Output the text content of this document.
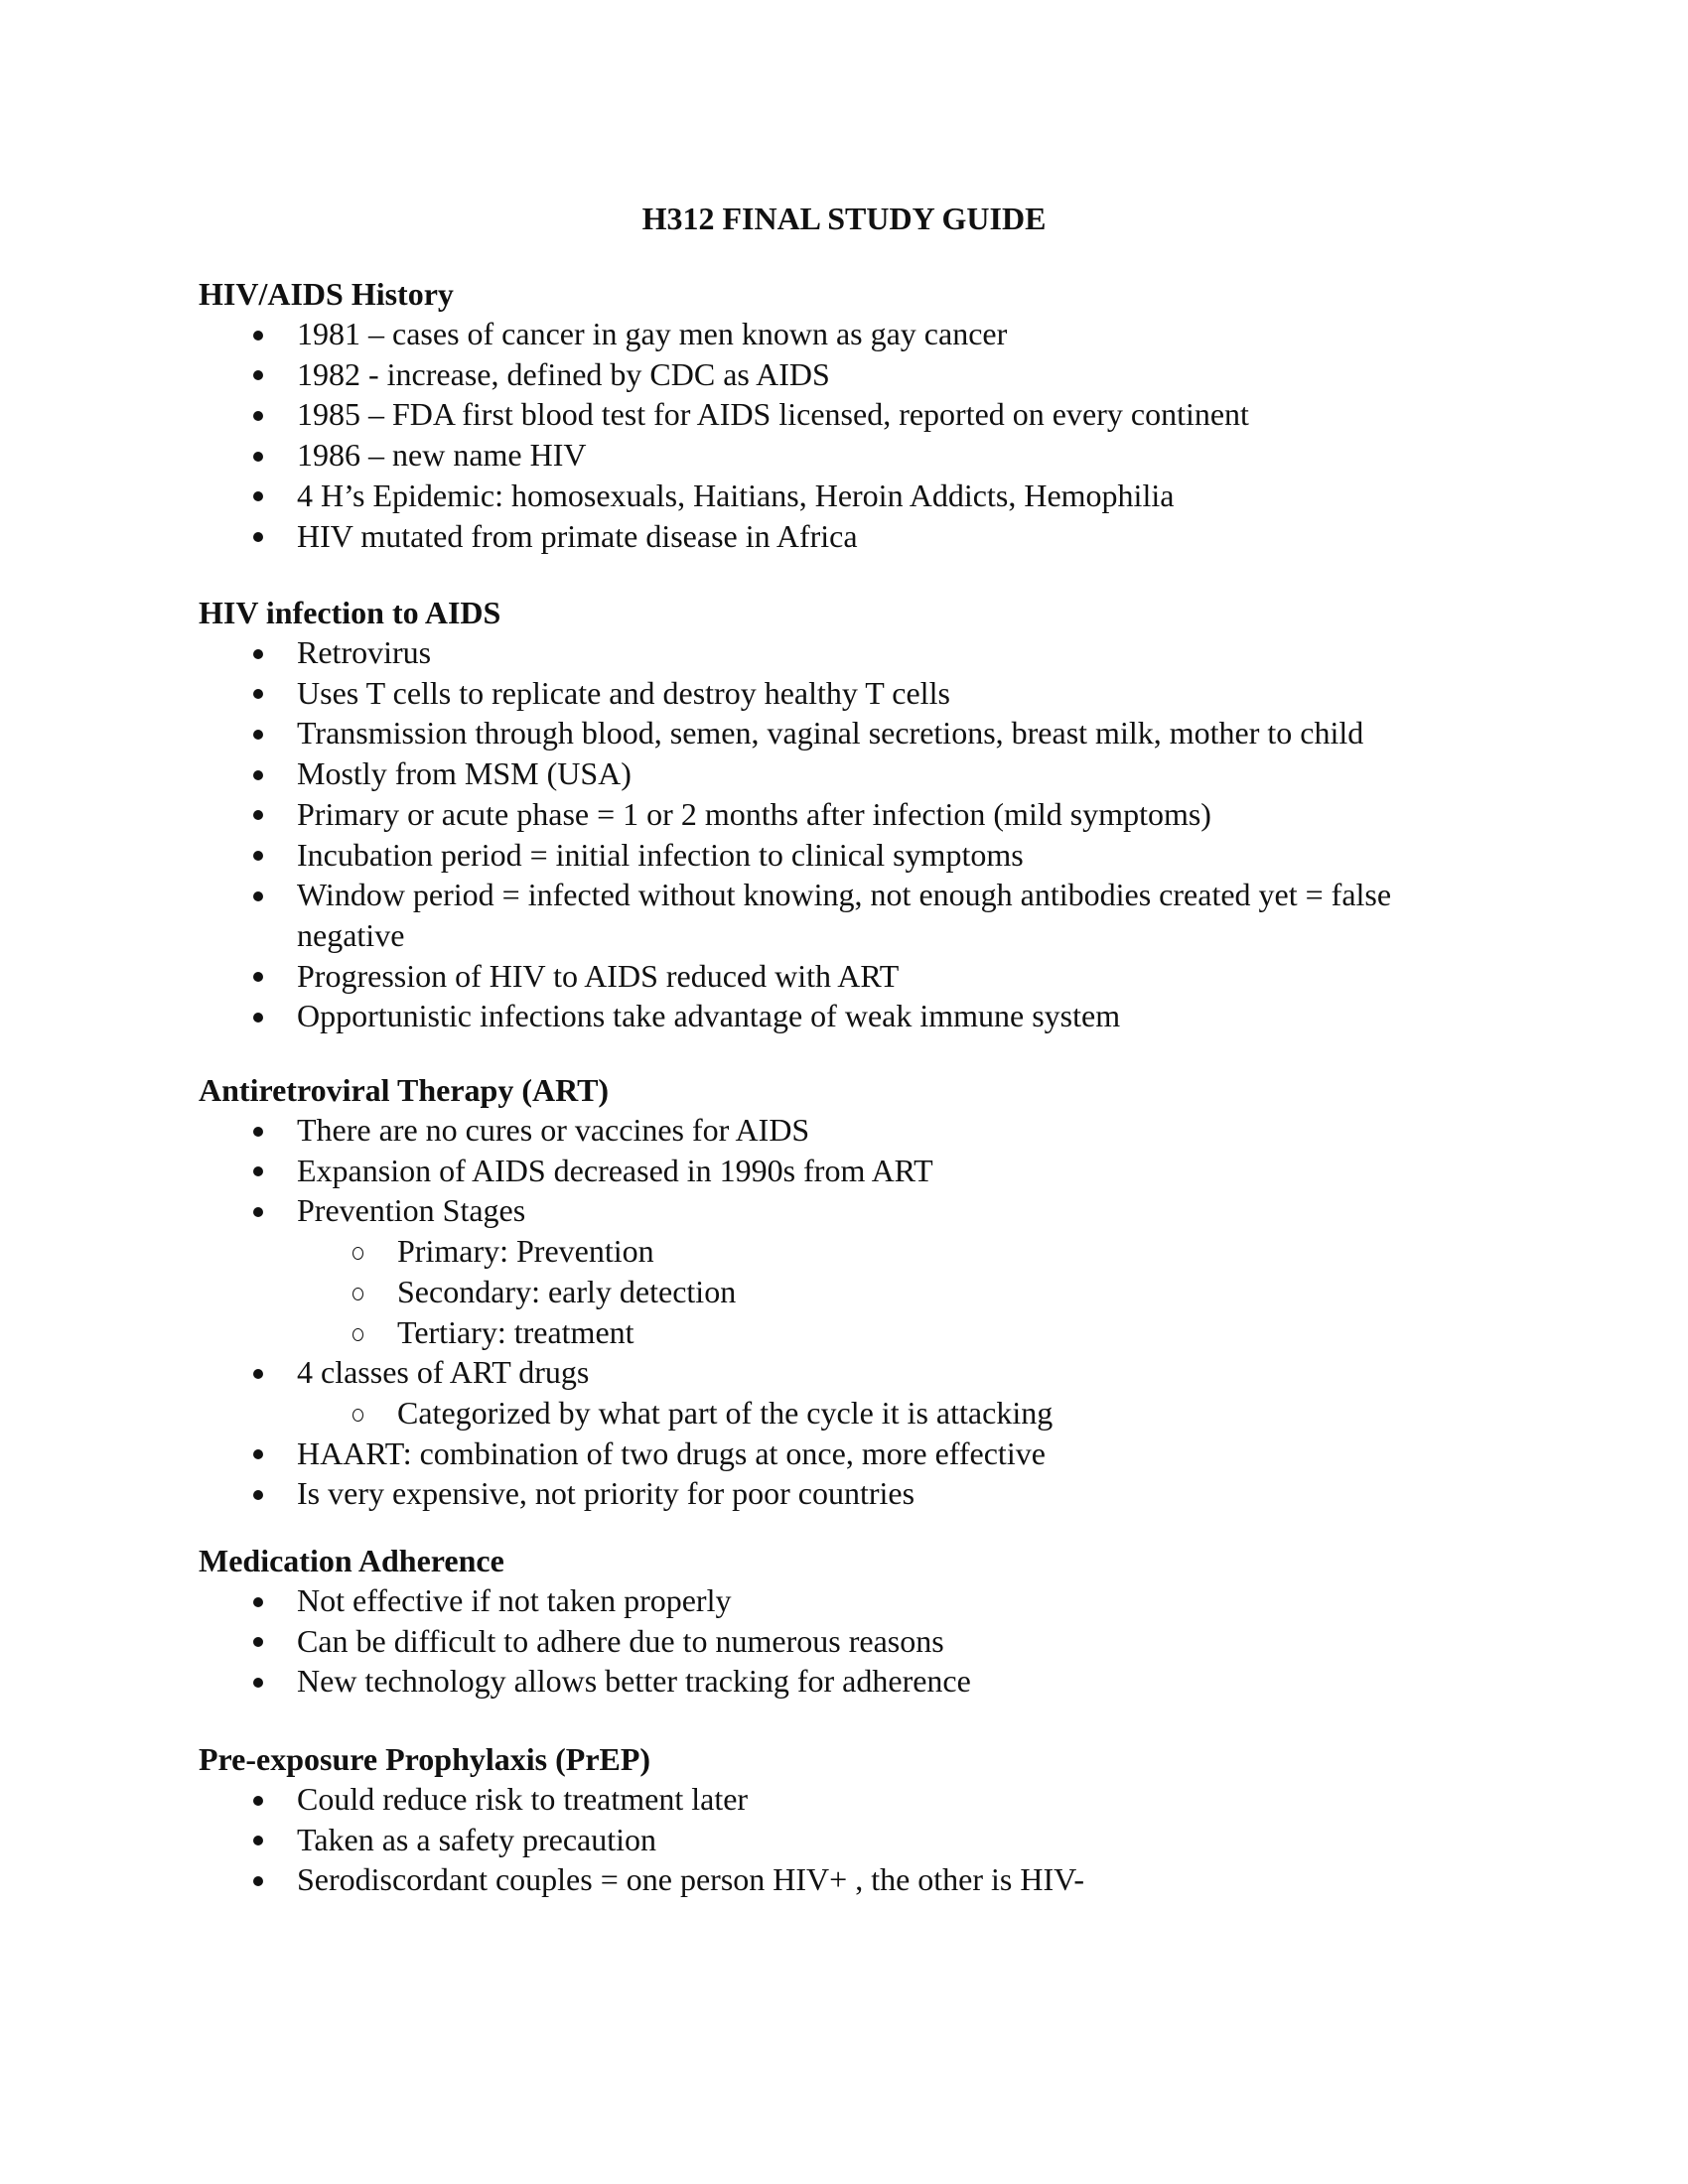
H312 FINAL STUDY GUIDE
HIV/AIDS History
1981 – cases of cancer in gay men known as gay cancer
1982 - increase, defined by CDC as AIDS
1985 – FDA first blood test for AIDS licensed, reported on every continent
1986 – new name HIV
4 H’s Epidemic: homosexuals, Haitians, Heroin Addicts, Hemophilia
HIV mutated from primate disease in Africa
HIV infection to AIDS
Retrovirus
Uses T cells to replicate and destroy healthy T cells
Transmission through blood, semen, vaginal secretions, breast milk, mother to child
Mostly from MSM (USA)
Primary or acute phase = 1 or 2 months after infection (mild symptoms)
Incubation period = initial infection to clinical symptoms
Window period = infected without knowing, not enough antibodies created yet = false negative
Progression of HIV to AIDS reduced with ART
Opportunistic infections take advantage of weak immune system
Antiretroviral Therapy (ART)
There are no cures or vaccines for AIDS
Expansion of AIDS decreased in 1990s from ART
Prevention Stages
Primary: Prevention
Secondary: early detection
Tertiary: treatment
4 classes of ART drugs
Categorized by what part of the cycle it is attacking
HAART: combination of two drugs at once, more effective
Is very expensive, not priority for poor countries
Medication Adherence
Not effective if not taken properly
Can be difficult to adhere due to numerous reasons
New technology allows better tracking for adherence
Pre-exposure Prophylaxis (PrEP)
Could reduce risk to treatment later
Taken as a safety precaution
Serodiscordant couples = one person HIV+ , the other is HIV-
